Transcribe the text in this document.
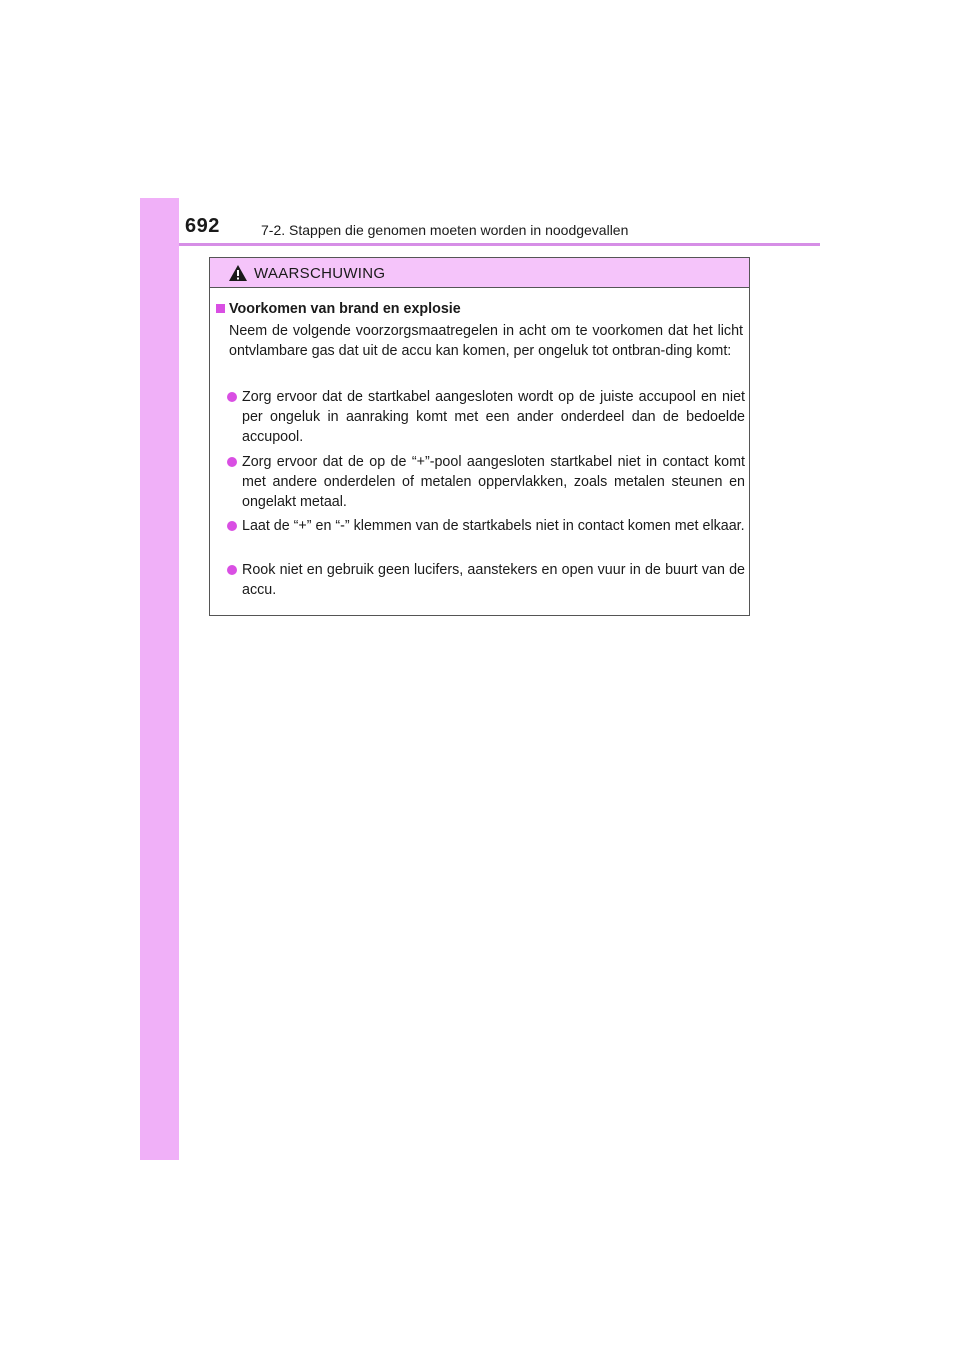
692	7-2. Stappen die genomen moeten worden in noodgevallen
WAARSCHUWING
Voorkomen van brand en explosie
Neem de volgende voorzorgsmaatregelen in acht om te voorkomen dat het licht ontvlambare gas dat uit de accu kan komen, per ongeluk tot ontbran-ding komt:
Zorg ervoor dat de startkabel aangesloten wordt op de juiste accupool en niet per ongeluk in aanraking komt met een ander onderdeel dan de bedoelde accupool.
Zorg ervoor dat de op de “+”-pool aangesloten startkabel niet in contact komt met andere onderdelen of metalen oppervlakken, zoals metalen steunen en ongelakt metaal.
Laat de “+” en “-” klemmen van de startkabels niet in contact komen met elkaar.
Rook niet en gebruik geen lucifers, aanstekers en open vuur in de buurt van de accu.
